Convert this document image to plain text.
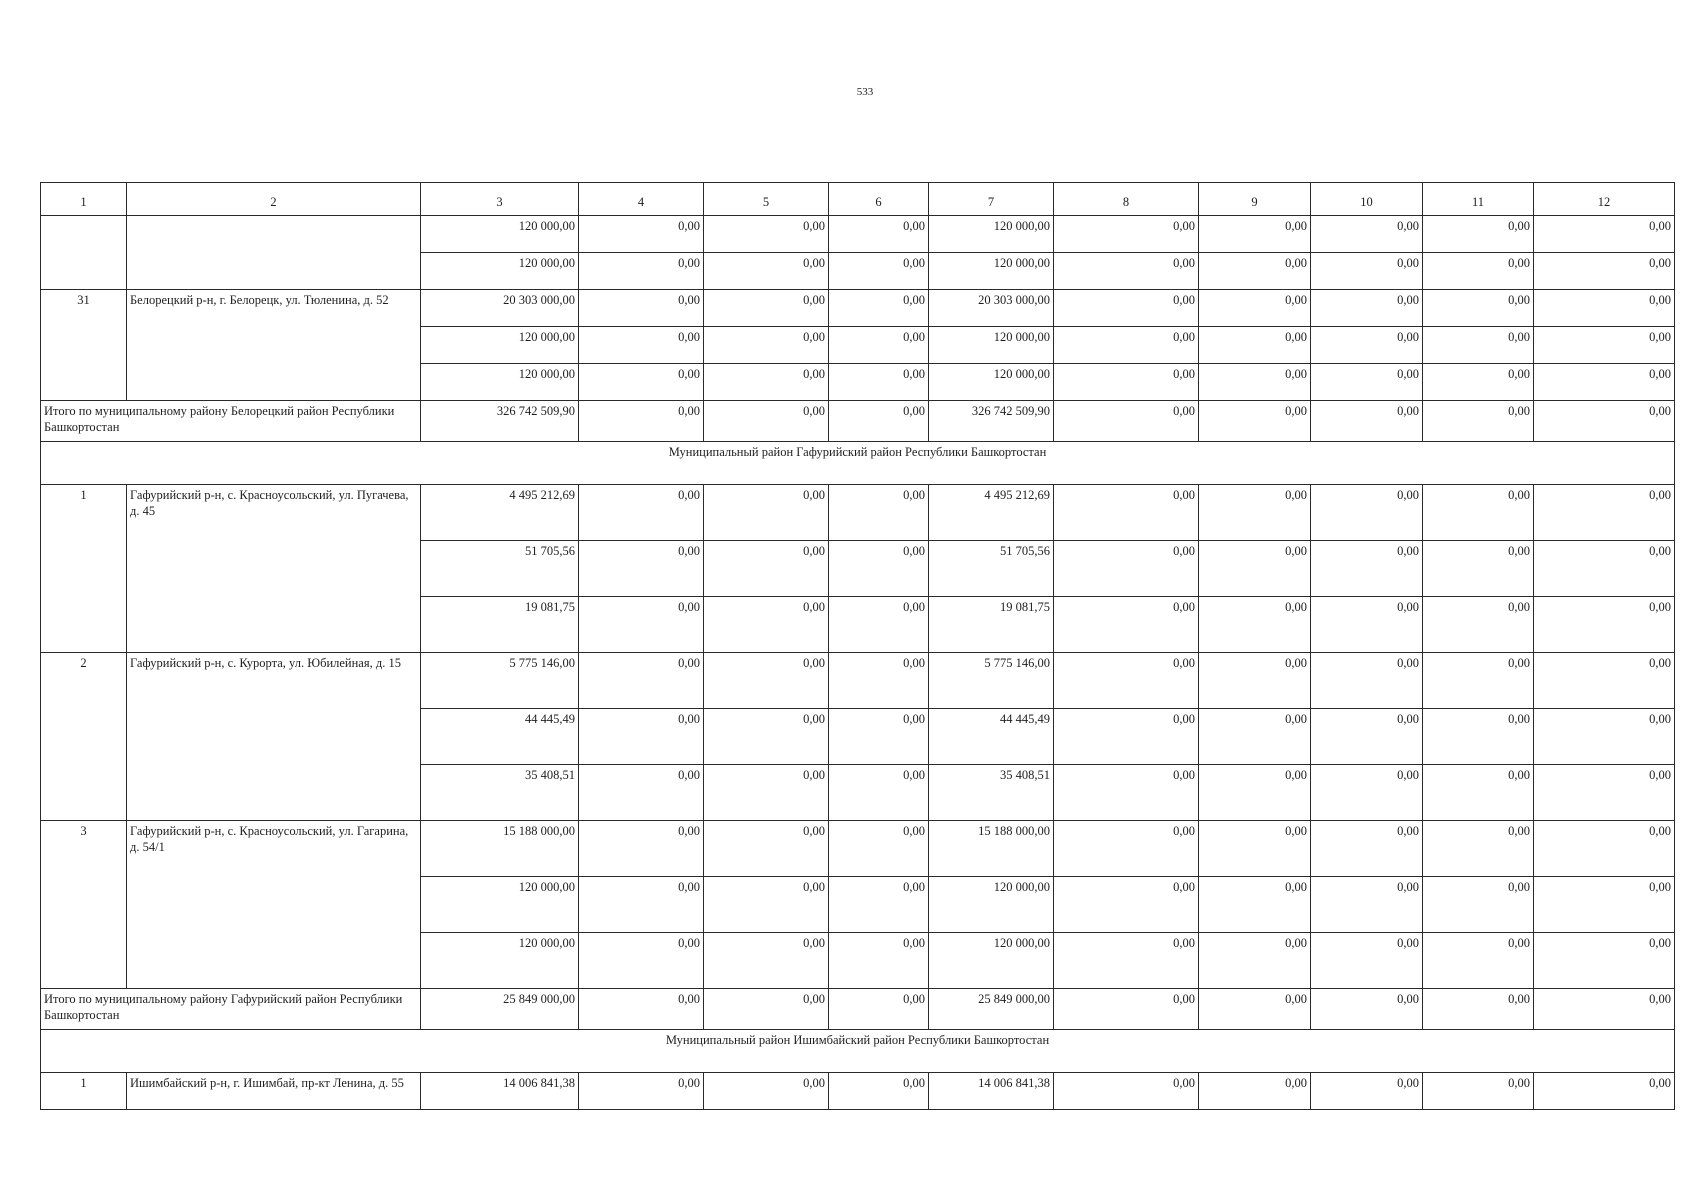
533
1	2	3	4	5	6	7	8	9	10	11	12
		120 000,00	0,00	0,00	0,00	120 000,00	0,00	0,00	0,00	0,00	0,00
		120 000,00	0,00	0,00	0,00	120 000,00	0,00	0,00	0,00	0,00	0,00
31	Белорецкий р-н, г. Белорецк, ул. Тюленина, д. 52	20 303 000,00	0,00	0,00	0,00	20 303 000,00	0,00	0,00	0,00	0,00	0,00
		120 000,00	0,00	0,00	0,00	120 000,00	0,00	0,00	0,00	0,00	0,00
		120 000,00	0,00	0,00	0,00	120 000,00	0,00	0,00	0,00	0,00	0,00
Итого по муниципальному району Белорецкий район Республики Башкортостан		326 742 509,90	0,00	0,00	0,00	326 742 509,90	0,00	0,00	0,00	0,00	0,00
Муниципальный район Гафурийский район Республики Башкортостан											
1	Гафурийский р-н, с. Красноусольский, ул. Пугачева, д. 45	4 495 212,69	0,00	0,00	0,00	4 495 212,69	0,00	0,00	0,00	0,00	0,00
		51 705,56	0,00	0,00	0,00	51 705,56	0,00	0,00	0,00	0,00	0,00
		19 081,75	0,00	0,00	0,00	19 081,75	0,00	0,00	0,00	0,00	0,00
2	Гафурийский р-н, с. Курорта, ул. Юбилейная, д. 15	5 775 146,00	0,00	0,00	0,00	5 775 146,00	0,00	0,00	0,00	0,00	0,00
		44 445,49	0,00	0,00	0,00	44 445,49	0,00	0,00	0,00	0,00	0,00
		35 408,51	0,00	0,00	0,00	35 408,51	0,00	0,00	0,00	0,00	0,00
3	Гафурийский р-н, с. Красноусольский, ул. Гагарина, д. 54/1	15 188 000,00	0,00	0,00	0,00	15 188 000,00	0,00	0,00	0,00	0,00	0,00
		120 000,00	0,00	0,00	0,00	120 000,00	0,00	0,00	0,00	0,00	0,00
		120 000,00	0,00	0,00	0,00	120 000,00	0,00	0,00	0,00	0,00	0,00
Итого по муниципальному району Гафурийский район Республики Башкортостан		25 849 000,00	0,00	0,00	0,00	25 849 000,00	0,00	0,00	0,00	0,00	0,00
Муниципальный район Ишимбайский район Республики Башкортостан											
1	Ишимбайский р-н, г. Ишимбай, пр-кт Ленина, д. 55	14 006 841,38	0,00	0,00	0,00	14 006 841,38	0,00	0,00	0,00	0,00	0,00
